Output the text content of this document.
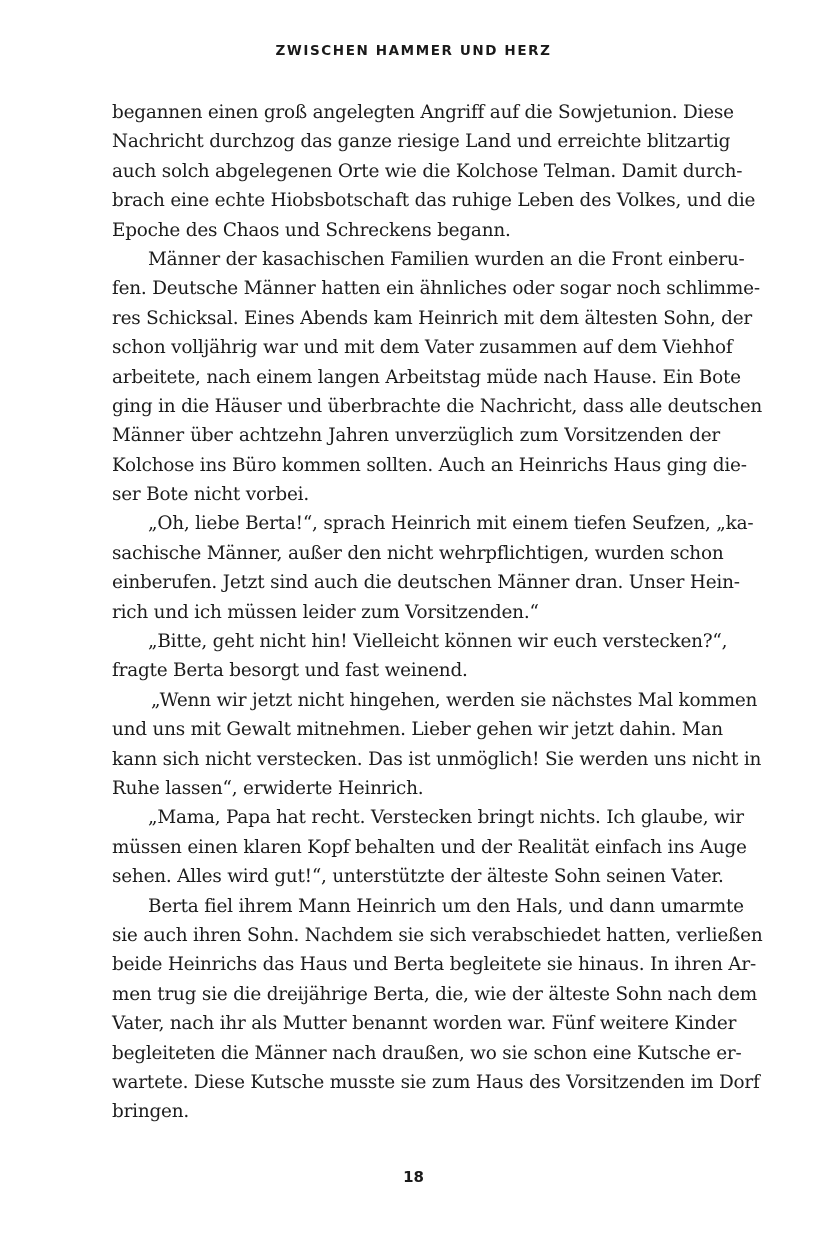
ZWISCHEN HAMMER UND HERZ
begannen einen groß angelegten Angriff auf die Sowjetunion. Diese
Nachricht durchzog das ganze riesige Land und erreichte blitzartig
auch solch abgelegenen Orte wie die Kolchose Telman. Damit durch-
brach eine echte Hiobsbotschaft das ruhige Leben des Volkes, und die
Epoche des Chaos und Schreckens begann.
Männer der kasachischen Familien wurden an die Front einberu-
fen. Deutsche Männer hatten ein ähnliches oder sogar noch schlimme-
res Schicksal. Eines Abends kam Heinrich mit dem ältesten Sohn, der
schon volljährig war und mit dem Vater zusammen auf dem Viehhof
arbeitete, nach einem langen Arbeitstag müde nach Hause. Ein Bote
ging in die Häuser und überbrachte die Nachricht, dass alle deutschen
Männer über achtzehn Jahren unverzüglich zum Vorsitzenden der
Kolchose ins Büro kommen sollten. Auch an Heinrichs Haus ging die-
ser Bote nicht vorbei.
„Oh, liebe Berta!“, sprach Heinrich mit einem tiefen Seufzen, „ka-
sachische Männer, außer den nicht wehrpflichtigen, wurden schon
einberufen. Jetzt sind auch die deutschen Männer dran. Unser Hein-
rich und ich müssen leider zum Vorsitzenden.“
„Bitte, geht nicht hin! Vielleicht können wir euch verstecken?“,
fragte Berta besorgt und fast weinend.
„Wenn wir jetzt nicht hingehen, werden sie nächstes Mal kommen
und uns mit Gewalt mitnehmen. Lieber gehen wir jetzt dahin. Man
kann sich nicht verstecken. Das ist unmöglich! Sie werden uns nicht in
Ruhe lassen“, erwiderte Heinrich.
„Mama, Papa hat recht. Verstecken bringt nichts. Ich glaube, wir
müssen einen klaren Kopf behalten und der Realität einfach ins Auge
sehen. Alles wird gut!“, unterstützte der älteste Sohn seinen Vater.
Berta fiel ihrem Mann Heinrich um den Hals, und dann umarmte
sie auch ihren Sohn. Nachdem sie sich verabschiedet hatten, verließen
beide Heinrichs das Haus und Berta begleitete sie hinaus. In ihren Ar-
men trug sie die dreijährige Berta, die, wie der älteste Sohn nach dem
Vater, nach ihr als Mutter benannt worden war. Fünf weitere Kinder
begleiteten die Männer nach draußen, wo sie schon eine Kutsche er-
wartete. Diese Kutsche musste sie zum Haus des Vorsitzenden im Dorf
bringen.
18
